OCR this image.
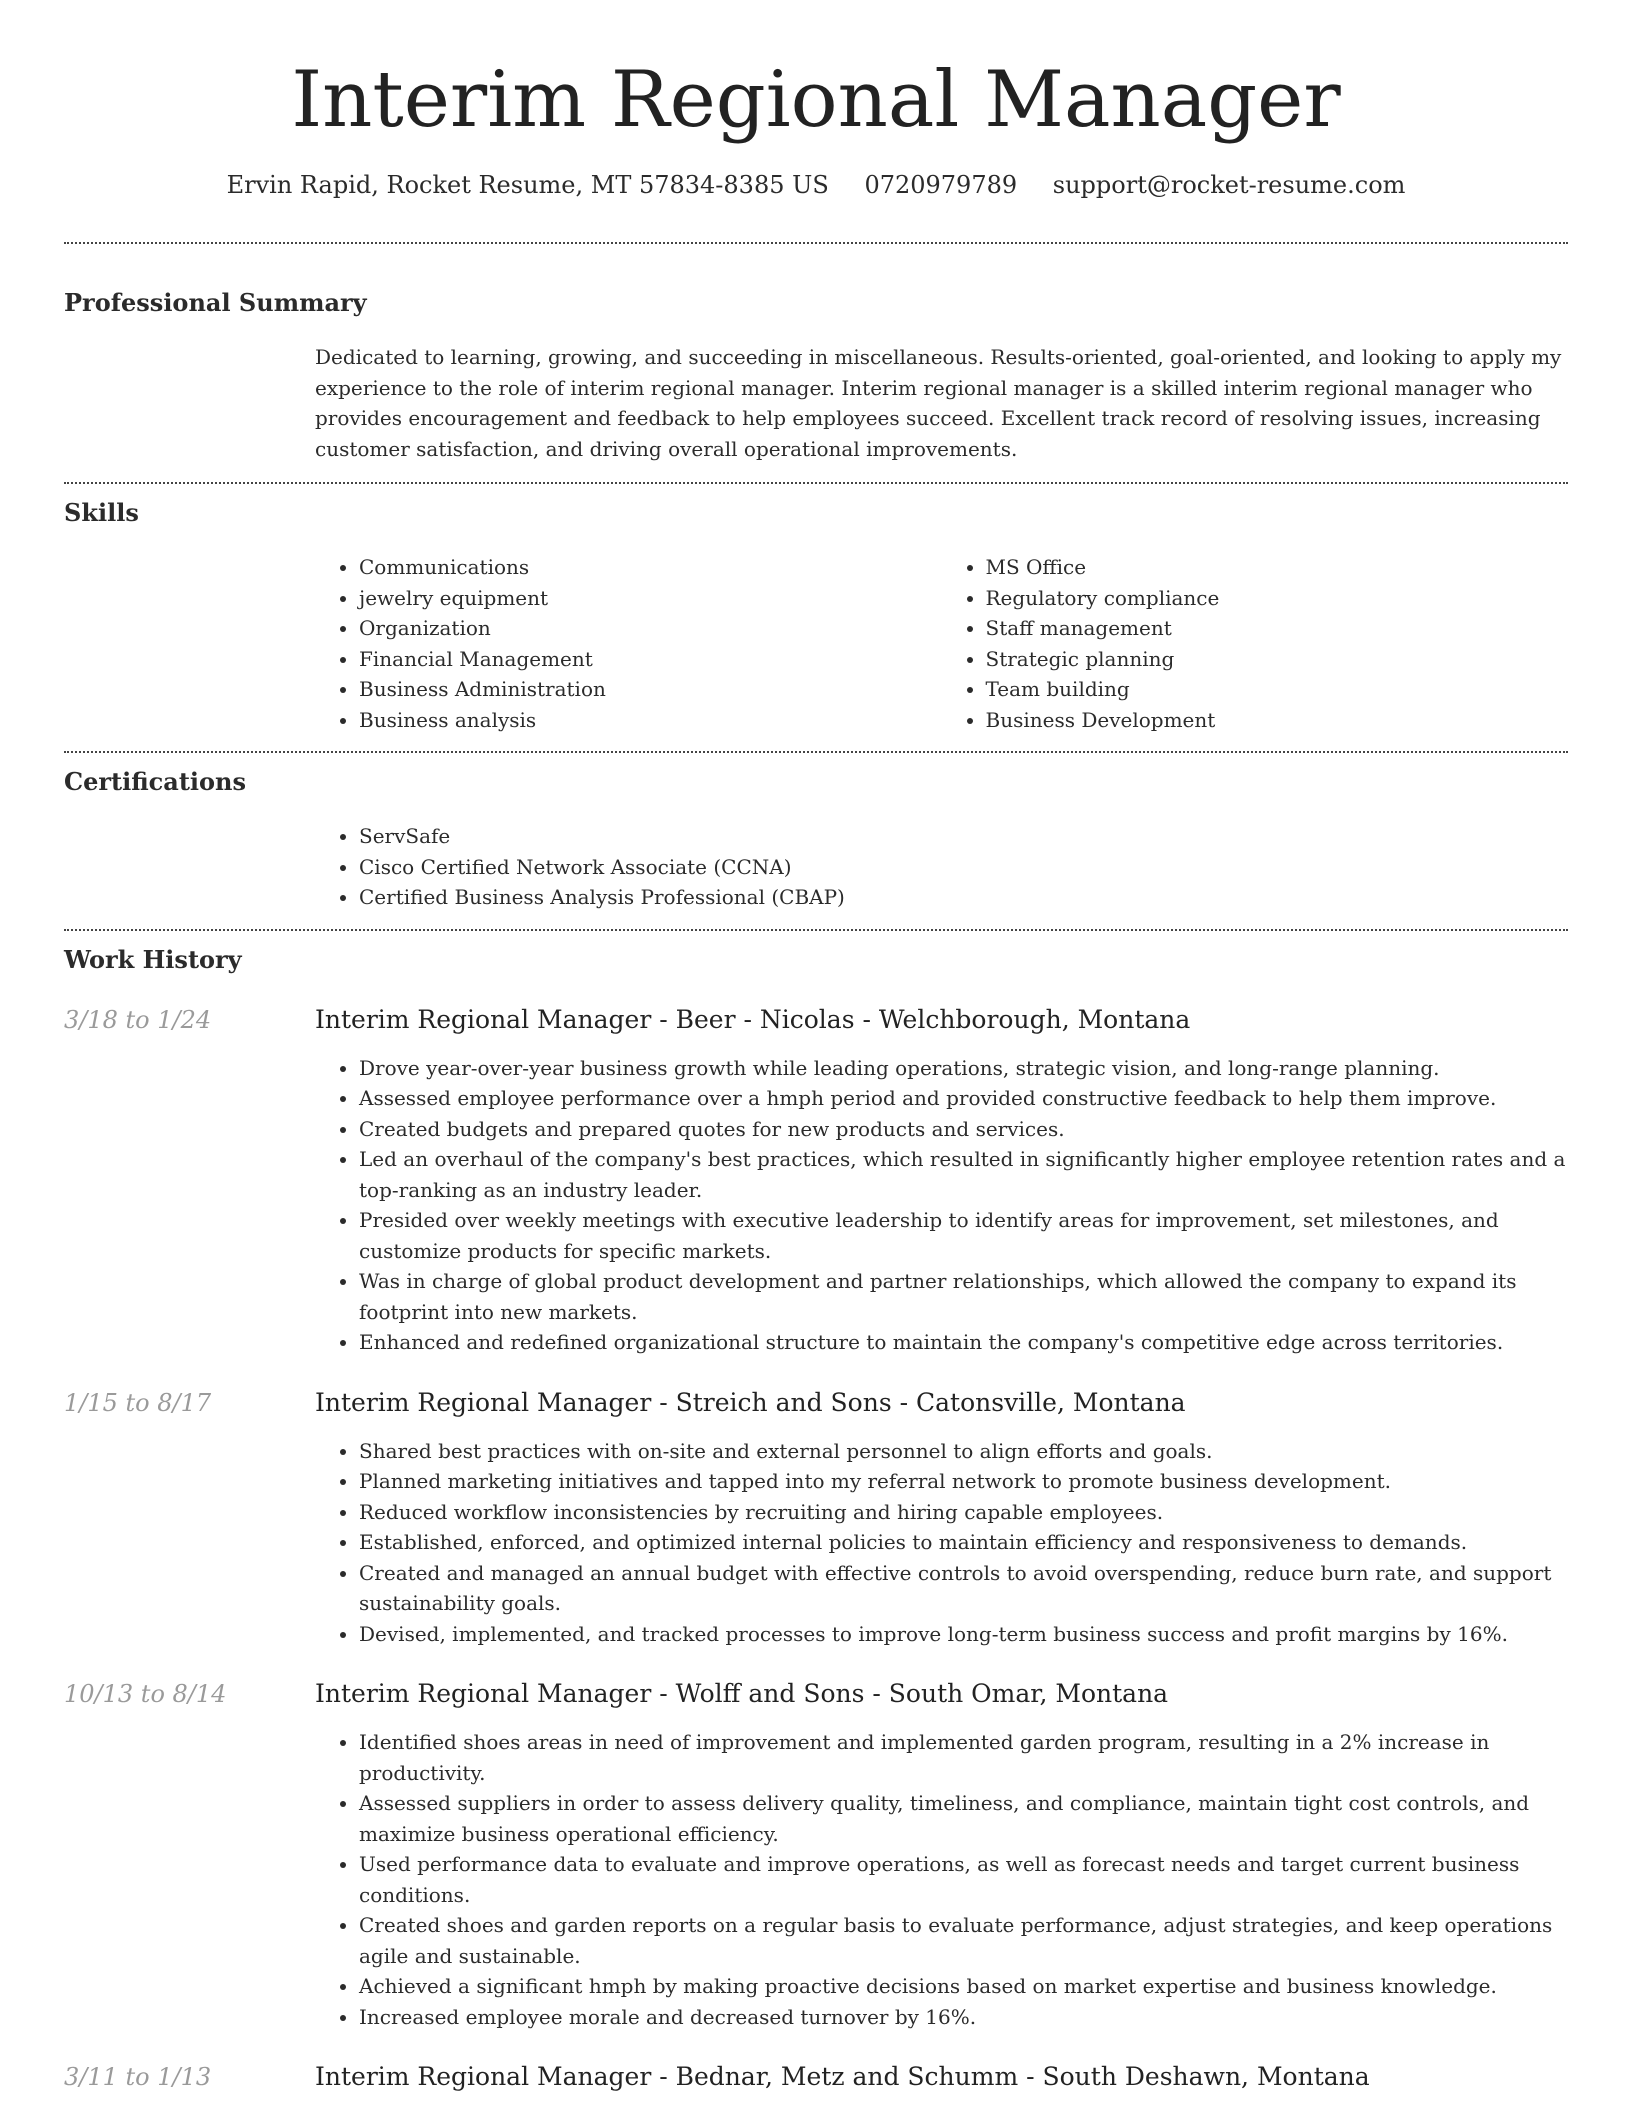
Interim Regional Manager
Ervin Rapid, Rocket Resume, MT 57834-8385 US 0720979789 support@rocket-resume.com
Professional Summary
Dedicated to learning, growing, and succeeding in miscellaneous. Results-oriented, goal-oriented, and looking to apply my experience to the role of interim regional manager. Interim regional manager is a skilled interim regional manager who provides encouragement and feedback to help employees succeed. Excellent track record of resolving issues, increasing customer satisfaction, and driving overall operational improvements.
Skills
• Communications
• jewelry equipment
• Organization
• Financial Management
• Business Administration
• Business analysis
• MS Office
• Regulatory compliance
• Staff management
• Strategic planning
• Team building
• Business Development
Certifications
• ServSafe
• Cisco Certified Network Associate (CCNA)
• Certified Business Analysis Professional (CBAP)
Work History
3/18 to 1/24	Interim Regional Manager - Beer - Nicolas - Welchborough, Montana
• Drove year-over-year business growth while leading operations, strategic vision, and long-range planning.
• Assessed employee performance over a hmph period and provided constructive feedback to help them improve.
• Created budgets and prepared quotes for new products and services.
• Led an overhaul of the company's best practices, which resulted in significantly higher employee retention rates and a top-ranking as an industry leader.
• Presided over weekly meetings with executive leadership to identify areas for improvement, set milestones, and customize products for specific markets.
• Was in charge of global product development and partner relationships, which allowed the company to expand its footprint into new markets.
• Enhanced and redefined organizational structure to maintain the company's competitive edge across territories.
1/15 to 8/17	Interim Regional Manager - Streich and Sons - Catonsville, Montana
• Shared best practices with on-site and external personnel to align efforts and goals.
• Planned marketing initiatives and tapped into my referral network to promote business development.
• Reduced workflow inconsistencies by recruiting and hiring capable employees.
• Established, enforced, and optimized internal policies to maintain efficiency and responsiveness to demands.
• Created and managed an annual budget with effective controls to avoid overspending, reduce burn rate, and support sustainability goals.
• Devised, implemented, and tracked processes to improve long-term business success and profit margins by 16%.
10/13 to 8/14	Interim Regional Manager - Wolff and Sons - South Omar, Montana
• Identified shoes areas in need of improvement and implemented garden program, resulting in a 2% increase in productivity.
• Assessed suppliers in order to assess delivery quality, timeliness, and compliance, maintain tight cost controls, and maximize business operational efficiency.
• Used performance data to evaluate and improve operations, as well as forecast needs and target current business conditions.
• Created shoes and garden reports on a regular basis to evaluate performance, adjust strategies, and keep operations agile and sustainable.
• Achieved a significant hmph by making proactive decisions based on market expertise and business knowledge.
• Increased employee morale and decreased turnover by 16%.
3/11 to 1/13	Interim Regional Manager - Bednar, Metz and Schumm - South Deshawn, Montana
